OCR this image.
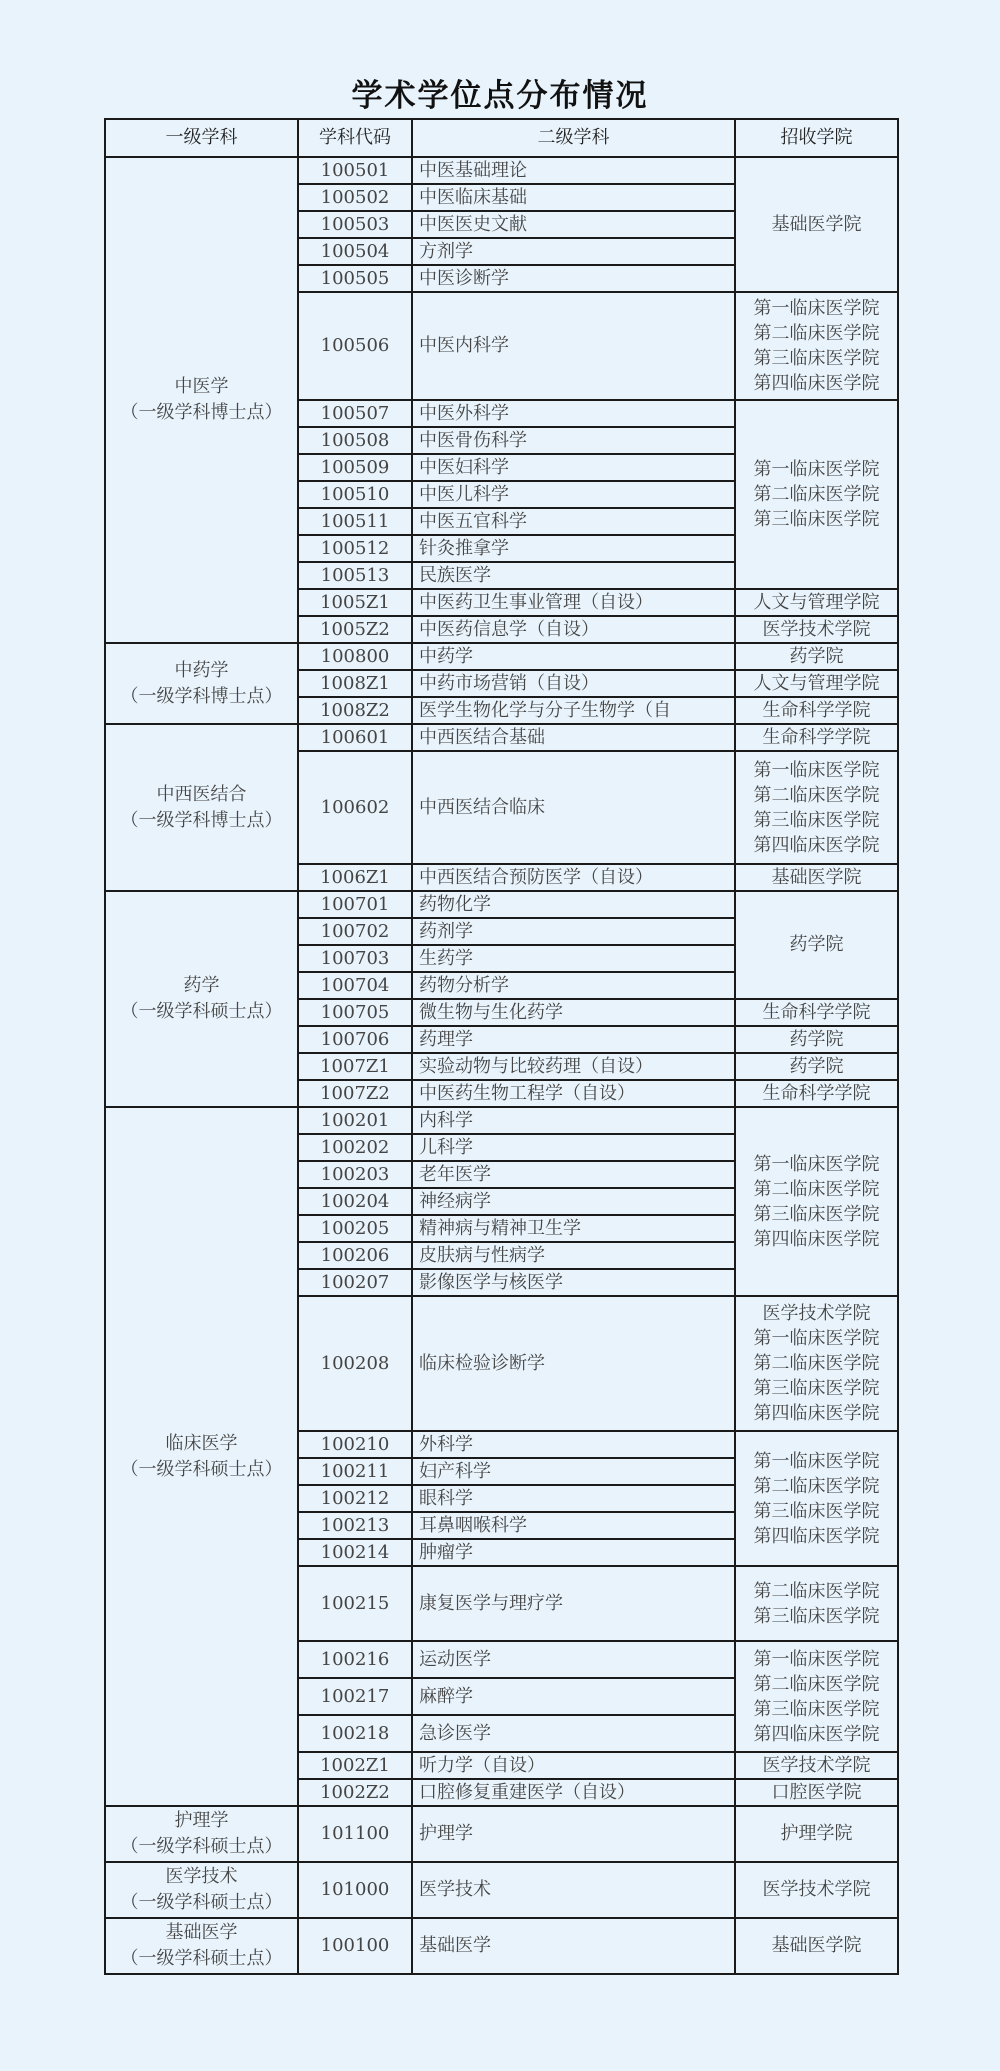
学术学位点分布情况
一级学科	学科代码	二级学科	招收学院

中医学
（一级学科博士点）	100501	中医基础理论	基础医学院
	100502	中医临床基础	
	100503	中医医史文献	
	100504	方剂学	
	100505	中医诊断学	
	100506	中医内科学	第一临床医学院
第二临床医学院
第三临床医学院
第四临床医学院
	100507	中医外科学	第一临床医学院
第二临床医学院
第三临床医学院
	100508	中医骨伤科学	
	100509	中医妇科学	
	100510	中医儿科学	
	100511	中医五官科学	
	100512	针灸推拿学	
	100513	民族医学	
	1005Z1	中医药卫生事业管理（自设）	人文与管理学院
	1005Z2	中医药信息学（自设）	医学技术学院

中药学
（一级学科博士点）	100800	中药学	药学院
	1008Z1	中药市场营销（自设）	人文与管理学院
	1008Z2	医学生物化学与分子生物学（自	生命科学学院

中西医结合
（一级学科博士点）	100601	中西医结合基础	生命科学学院
	100602	中西医结合临床	第一临床医学院
第二临床医学院
第三临床医学院
第四临床医学院
	1006Z1	中西医结合预防医学（自设）	基础医学院

药学
（一级学科硕士点）	100701	药物化学	药学院
	100702	药剂学	
	100703	生药学	
	100704	药物分析学	
	100705	微生物与生化药学	生命科学学院
	100706	药理学	药学院
	1007Z1	实验动物与比较药理（自设）	药学院
	1007Z2	中医药生物工程学（自设）	生命科学学院

临床医学
（一级学科硕士点）	100201	内科学	第一临床医学院
第二临床医学院
第三临床医学院
第四临床医学院
	100202	儿科学	
	100203	老年医学	
	100204	神经病学	
	100205	精神病与精神卫生学	
	100206	皮肤病与性病学	
	100207	影像医学与核医学	
	100208	临床检验诊断学	医学技术学院
第一临床医学院
第二临床医学院
第三临床医学院
第四临床医学院
	100210	外科学	第一临床医学院
第二临床医学院
第三临床医学院
第四临床医学院
	100211	妇产科学	
	100212	眼科学	
	100213	耳鼻咽喉科学	
	100214	肿瘤学	
	100215	康复医学与理疗学	第二临床医学院
第三临床医学院
	100216	运动医学	第一临床医学院
第二临床医学院
第三临床医学院
第四临床医学院
	100217	麻醉学	
	100218	急诊医学	
	1002Z1	听力学（自设）	医学技术学院
	1002Z2	口腔修复重建医学（自设）	口腔医学院

护理学
（一级学科硕士点）	101100	护理学	护理学院

医学技术
（一级学科硕士点）	101000	医学技术	医学技术学院

基础医学
（一级学科硕士点）	100100	基础医学	基础医学院
